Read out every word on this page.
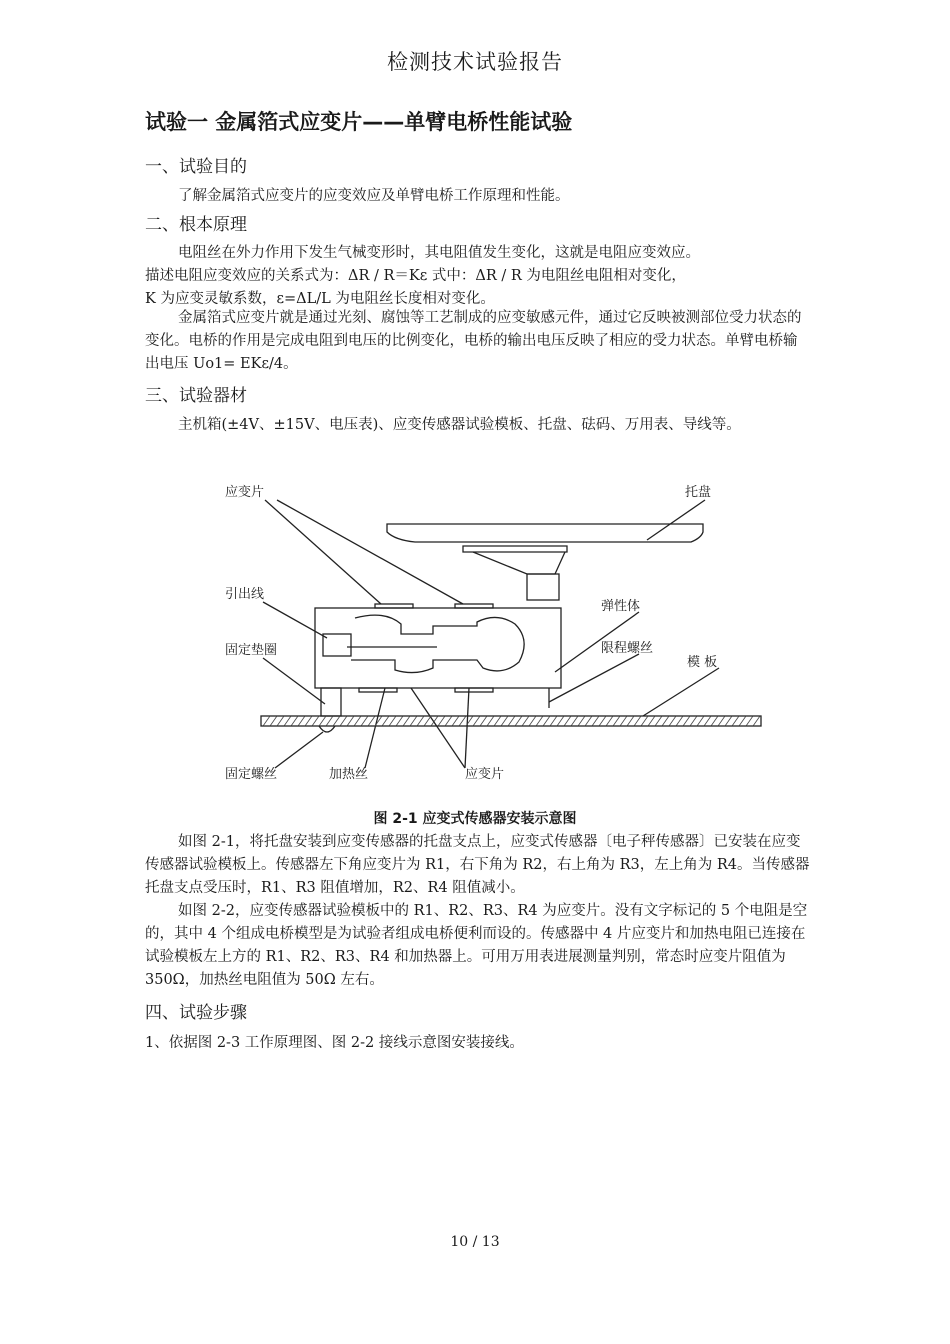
检测技术试验报告
试验一 金属箔式应变片——单臂电桥性能试验
一、试验目的
了解金属箔式应变片的应变效应及单臂电桥工作原理和性能。
二、根本原理
电阻丝在外力作用下发生气械变形时，其电阻值发生变化，这就是电阻应变效应。
描述电阻应变效应的关系式为：ΔR / R＝Kε 式中：ΔR / R 为电阻丝电阻相对变化，
K 为应变灵敏系数，ε=ΔL/L 为电阻丝长度相对变化。
金属箔式应变片就是通过光刻、腐蚀等工艺制成的应变敏感元件，通过它反映被测部位受力状态的变化。电桥的作用是完成电阻到电压的比例变化，电桥的输出电压反映了相应的受力状态。单臂电桥输出电压 Uo1= EKε/4。
三、试验器材
主机箱(±4V、±15V、电压表)、应变传感器试验模板、托盘、砝码、万用表、导线等。
应变片	托盘
引出线
弹性体
固定垫圈	限程螺丝
模 板
固定螺丝	加热丝	应变片
图 2-1 应变式传感器安装示意图
如图 2-1，将托盘安装到应变传感器的托盘支点上，应变式传感器〔电子秤传感器〕已安装在应变传感器试验模板上。传感器左下角应变片为 R1，右下角为 R2，右上角为 R3，左上角为 R4。当传感器托盘支点受压时，R1、R3 阻值增加，R2、R4 阻值减小。
如图 2-2，应变传感器试验模板中的 R1、R2、R3、R4 为应变片。没有文字标记的 5 个电阻是空的，其中 4 个组成电桥模型是为试验者组成电桥便利而设的。传感器中 4 片应变片和加热电阻已连接在试验模板左上方的 R1、R2、R3、R4 和加热器上。可用万用表进展测量判别，常态时应变片阻值为 350Ω，加热丝电阻值为 50Ω 左右。
四、试验步骤
1、依据图 2-3 工作原理图、图 2-2 接线示意图安装接线。
10 / 13
